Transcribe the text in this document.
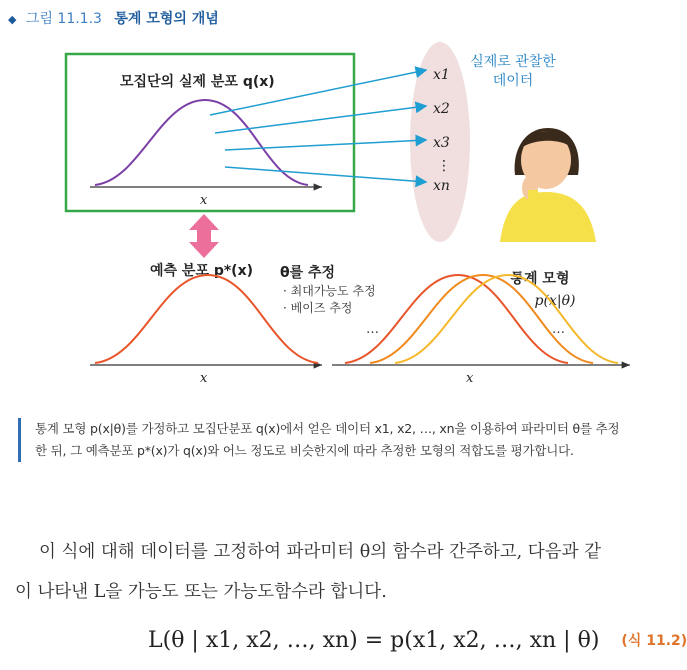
◆ 그림 11.1.3 통계 모형의 개념
모집단의 실제 분포 q(x)
x
x1
x2
x3
⋮
xn
실제로 관찰한
데이터
예측 분포 p*(x)
x
θ를 추정
· 최대가능도 추정
· 베이즈 추정
통계 모형
p(x|θ)
…	…
x
통계 모형 p(x|θ)를 가정하고 모집단분포 q(x)에서 얻은 데이터 x1, x2, …, xn을 이용하여 파라미터 θ를 추정
한 뒤, 그 예측분포 p*(x)가 q(x)와 어느 정도로 비슷한지에 따라 추정한 모형의 적합도를 평가합니다.
이 식에 대해 데이터를 고정하여 파라미터 θ의 함수라 간주하고, 다음과 같
이 나타낸 L을 가능도 또는 가능도함수라 합니다.
L(θ | x1, x2, …, xn) = p(x1, x2, …, xn | θ) (식 11.2)
